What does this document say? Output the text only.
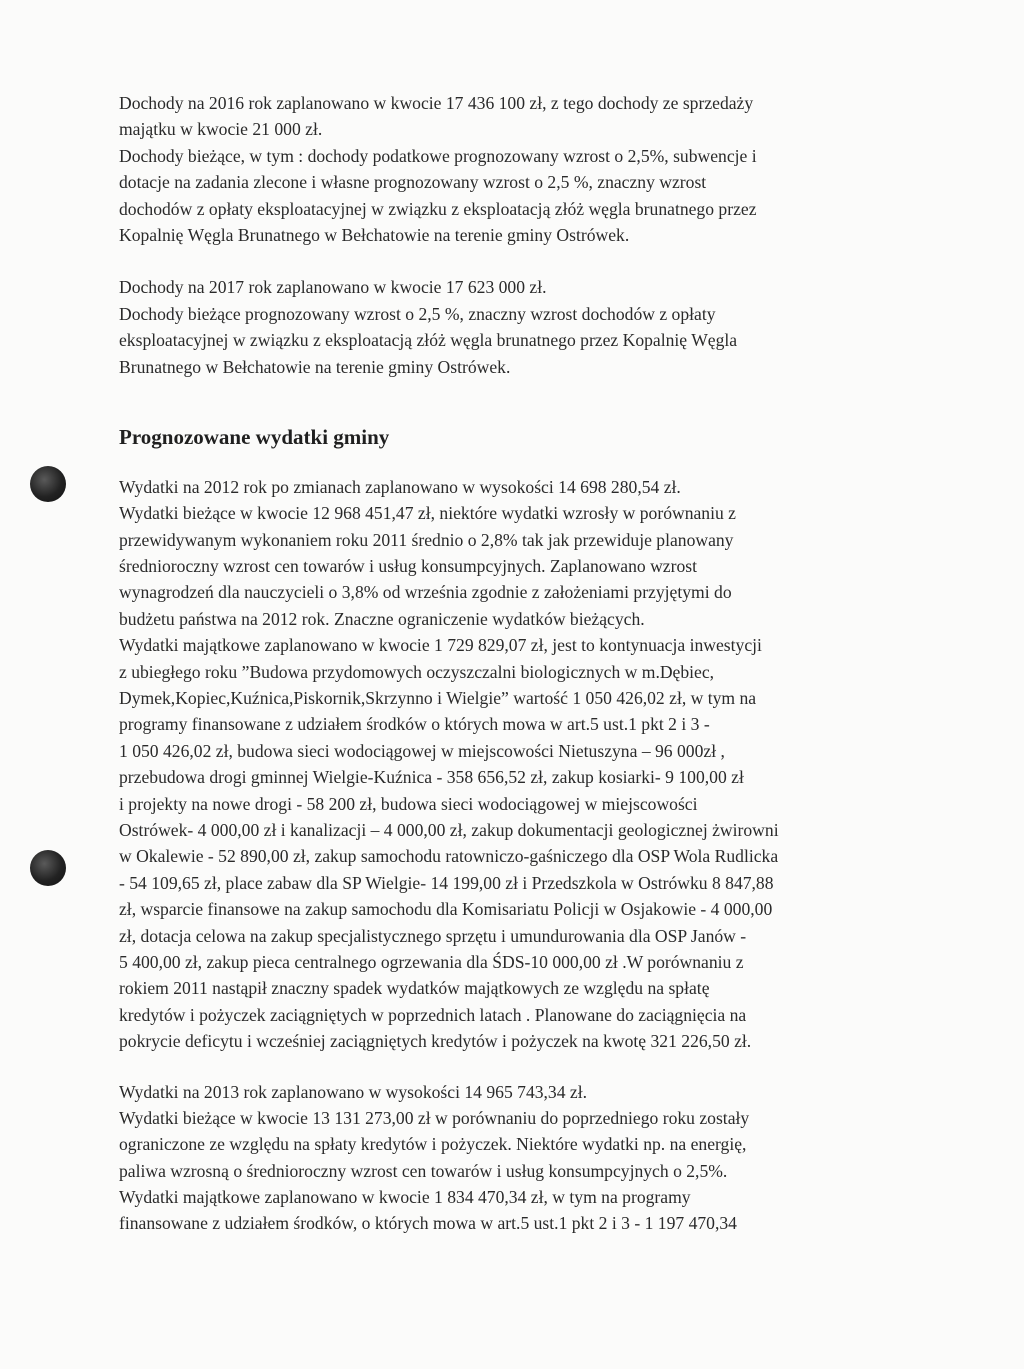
Dochody na 2016 rok zaplanowano w kwocie 17 436 100 zł, z tego dochody ze sprzedaży
majątku w kwocie 21 000 zł.
Dochody bieżące, w tym : dochody podatkowe prognozowany wzrost o 2,5%, subwencje i
dotacje na zadania zlecone i własne prognozowany wzrost o 2,5 %, znaczny wzrost
dochodów z opłaty eksploatacyjnej w związku z eksploatacją złóż węgla brunatnego przez
Kopalnię Węgla Brunatnego w Bełchatowie na terenie gminy Ostrówek.
Dochody na 2017 rok zaplanowano w kwocie 17 623 000 zł.
Dochody bieżące prognozowany wzrost o 2,5 %, znaczny wzrost dochodów z opłaty
eksploatacyjnej w związku z eksploatacją złóż węgla brunatnego przez Kopalnię Węgla
Brunatnego w Bełchatowie na terenie gminy Ostrówek.
Prognozowane wydatki gminy
Wydatki na 2012 rok po zmianach zaplanowano w wysokości 14 698 280,54 zł.
Wydatki bieżące w kwocie 12 968 451,47 zł, niektóre wydatki wzrosły w porównaniu z
przewidywanym wykonaniem roku 2011 średnio o 2,8% tak jak przewiduje planowany
średnioroczny wzrost cen towarów i usług konsumpcyjnych. Zaplanowano wzrost
wynagrodzeń dla nauczycieli o 3,8% od września zgodnie z założeniami przyjętymi do
budżetu państwa na 2012 rok. Znaczne ograniczenie wydatków bieżących.
Wydatki majątkowe zaplanowano w kwocie 1 729 829,07 zł, jest to kontynuacja inwestycji
z ubiegłego roku ”Budowa przydomowych oczyszczalni biologicznych w m.Dębiec,
Dymek,Kopiec,Kuźnica,Piskornik,Skrzynno i Wielgie” wartość 1 050 426,02 zł, w tym na
programy finansowane z udziałem środków o których mowa w art.5 ust.1 pkt 2 i 3 -
1 050 426,02 zł, budowa sieci wodociągowej w miejscowości Nietuszyna – 96 000zł ,
przebudowa drogi gminnej Wielgie-Kuźnica - 358 656,52 zł, zakup kosiarki- 9 100,00 zł
i projekty na nowe drogi - 58 200 zł, budowa sieci wodociągowej w miejscowości
Ostrówek- 4 000,00 zł i kanalizacji – 4 000,00 zł, zakup dokumentacji geologicznej żwirowni
w Okalewie - 52 890,00 zł, zakup samochodu ratowniczo-gaśniczego dla OSP Wola Rudlicka
- 54 109,65 zł, place zabaw dla SP Wielgie- 14 199,00 zł i Przedszkola w Ostrówku 8 847,88
zł, wsparcie finansowe na zakup samochodu dla Komisariatu Policji w Osjakowie - 4 000,00
zł, dotacja celowa na zakup specjalistycznego sprzętu i umundurowania dla OSP Janów -
5 400,00 zł, zakup pieca centralnego ogrzewania dla ŚDS-10 000,00 zł .W porównaniu z
rokiem 2011 nastąpił znaczny spadek wydatków majątkowych ze względu na spłatę
kredytów i pożyczek zaciągniętych w poprzednich latach . Planowane do zaciągnięcia na
pokrycie deficytu i wcześniej zaciągniętych kredytów i pożyczek na kwotę 321 226,50 zł.
Wydatki na 2013 rok zaplanowano w wysokości 14 965 743,34 zł.
Wydatki bieżące w kwocie 13 131 273,00 zł w porównaniu do poprzedniego roku zostały
ograniczone ze względu na spłaty kredytów i pożyczek. Niektóre wydatki np. na energię,
paliwa wzrosną o średnioroczny wzrost cen towarów i usług konsumpcyjnych o 2,5%.
Wydatki majątkowe zaplanowano w kwocie 1 834 470,34 zł, w tym na programy
finansowane z udziałem środków, o których mowa w art.5 ust.1 pkt 2 i 3 - 1 197 470,34
